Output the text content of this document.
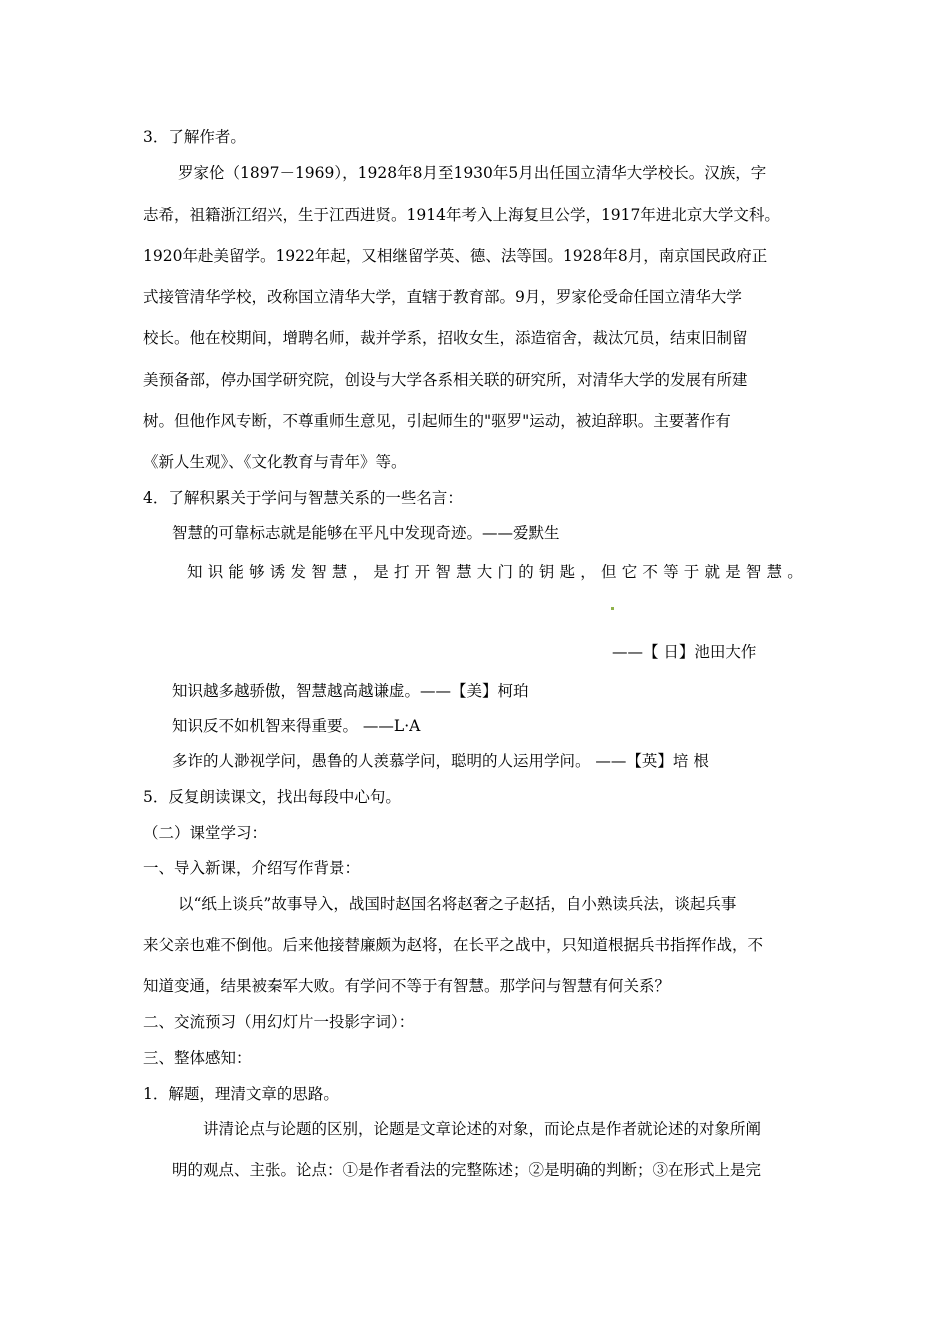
3．了解作者。
罗家伦（1897－1969），1928年8月至1930年5月出任国立清华大学校长。汉族，字
志希，祖籍浙江绍兴，生于江西进贤。1914年考入上海复旦公学，1917年进北京大学文科。
1920年赴美留学。1922年起，又相继留学英、德、法等国。1928年8月，南京国民政府正
式接管清华学校，改称国立清华大学，直辖于教育部。9月，罗家伦受命任国立清华大学
校长。他在校期间，增聘名师，裁并学系，招收女生，添造宿舍，裁汰冗员，结束旧制留
美预备部，停办国学研究院，创设与大学各系相关联的研究所，对清华大学的发展有所建
树。但他作风专断，不尊重师生意见，引起师生的"驱罗"运动，被迫辞职。主要著作有
《新人生观》、《文化教育与青年》等。
4．了解积累关于学问与智慧关系的一些名言：
智慧的可靠标志就是能够在平凡中发现奇迹。——爱默生
知识能够诱发智慧，是打开智慧大门的钥匙，但它不等于就是智慧。
——【 日】池田大作
知识越多越骄傲，智慧越高越谦虚。——【美】柯珀
知识反不如机智来得重要。 ——L·A
多诈的人渺视学问，愚鲁的人羡慕学问，聪明的人运用学问。 ——【英】培 根
5．反复朗读课文，找出每段中心句。
（二）课堂学习：
一、导入新课，介绍写作背景：
以“纸上谈兵”故事导入，战国时赵国名将赵奢之子赵括，自小熟读兵法，谈起兵事
来父亲也难不倒他。后来他接替廉颇为赵将，在长平之战中，只知道根据兵书指挥作战，不
知道变通，结果被秦军大败。有学问不等于有智慧。那学问与智慧有何关系？
二、交流预习（用幻灯片一投影字词）：
三、整体感知：
1．解题，理清文章的思路。
讲清论点与论题的区别，论题是文章论述的对象，而论点是作者就论述的对象所阐
明的观点、主张。论点：①是作者看法的完整陈述；②是明确的判断；③在形式上是完
